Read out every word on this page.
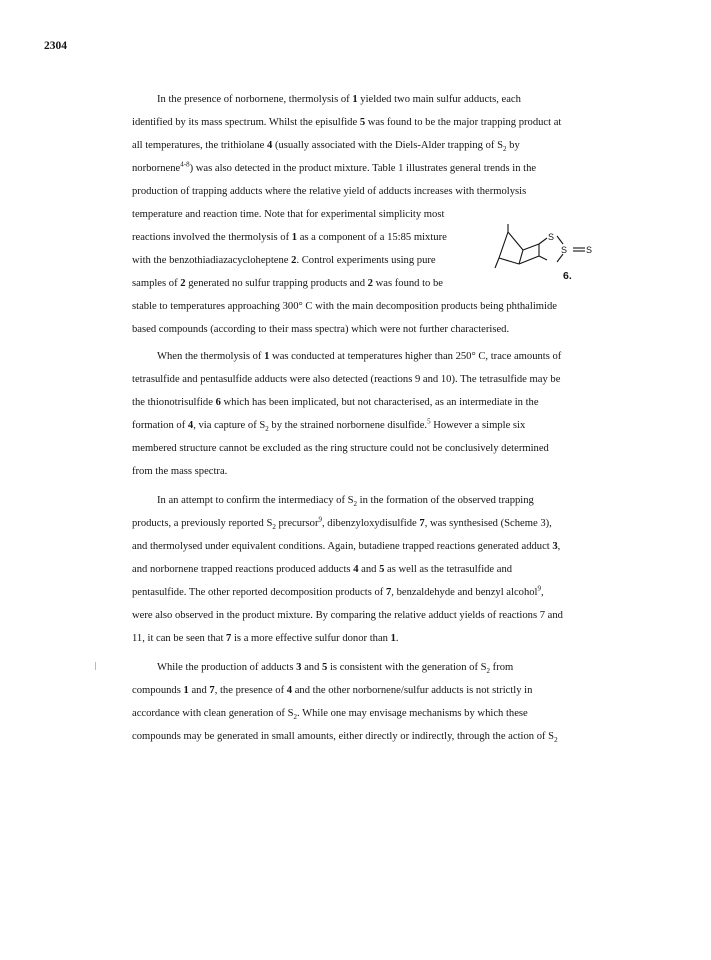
2304
In the presence of norbornene, thermolysis of 1 yielded two main sulfur adducts, each
identified by its mass spectrum. Whilst the episulfide 5 was found to be the major trapping product at
all temperatures, the trithiolane 4 (usually associated with the Diels-Alder trapping of $S_2$ by
norbornene$^{4-8}$) was also detected in the product mixture. Table 1 illustrates general trends in the
production of trapping adducts where the relative yield of adducts increases with thermolysis
temperature and reaction time. Note that for experimental simplicity most
reactions involved the thermolysis of 1 as a component of a 15:85 mixture
with the benzothiadiazacycloheptene 2. Control experiments using pure
samples of 2 generated no sulfur trapping products and 2 was found to be
stable to temperatures approaching 300° C with the main decomposition products being phthalimide
based compounds (according to their mass spectra) which were not further characterised.
When the thermolysis of 1 was conducted at temperatures higher than 250° C, trace amounts of
tetrasulfide and pentasulfide adducts were also detected (reactions 9 and 10). The tetrasulfide may be
the thionotrisulfide 6 which has been implicated, but not characterised, as an intermediate in the
formation of 4, via capture of $S_2$ by the strained norbornene disulfide.$^5$ However a simple six
membered structure cannot be excluded as the ring structure could not be conclusively determined
from the mass spectra.
In an attempt to confirm the intermediacy of $S_2$ in the formation of the observed trapping
products, a previously reported $S_2$ precursor$^9$, dibenzyloxydisulfide 7, was synthesised (Scheme 3),
and thermolysed under equivalent conditions. Again, butadiene trapped reactions generated adduct 3,
and norbornene trapped reactions produced adducts 4 and 5 as well as the tetrasulfide and
pentasulfide. The other reported decomposition products of 7, benzaldehyde and benzyl alcohol$^9$,
were also observed in the product mixture. By comparing the relative adduct yields of reactions 7 and
11, it can be seen that 7 is a more effective sulfur donor than 1.
While the production of adducts 3 and 5 is consistent with the generation of $S_2$ from
compounds 1 and 7, the presence of 4 and the other norbornene/sulfur adducts is not strictly in
accordance with clean generation of $S_2$. While one may envisage mechanisms by which these
compounds may be generated in small amounts, either directly or indirectly, through the action of $S_2$
S
S S
6.
